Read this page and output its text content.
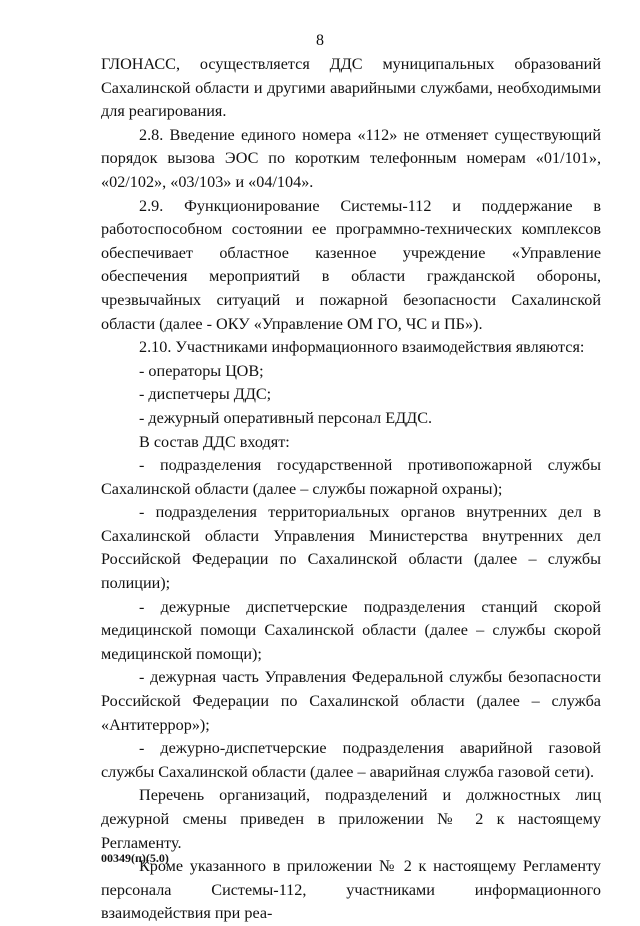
8

ГЛОНАСС, осуществляется ДДС муниципальных образований Сахалинской области и другими аварийными службами, необходимыми для реагирования.

2.8. Введение единого номера «112» не отменяет существующий порядок вызова ЭОС по коротким телефонным номерам «01/101», «02/102», «03/103» и «04/104».

2.9. Функционирование Системы-112 и поддержание в работоспособном состоянии ее программно-технических комплексов обеспечивает областное казенное учреждение «Управление обеспечения мероприятий в области гражданской обороны, чрезвычайных ситуаций и пожарной безопасности Сахалинской области (далее - ОКУ «Управление ОМ ГО, ЧС и ПБ»).

2.10. Участниками информационного взаимодействия являются:

- операторы ЦОВ;

- диспетчеры ДДС;

- дежурный оперативный персонал ЕДДС.

В состав ДДС входят:

- подразделения государственной противопожарной службы Сахалинской области (далее – службы пожарной охраны);

- подразделения территориальных органов внутренних дел в Сахалинской области Управления Министерства внутренних дел Российской Федерации по Сахалинской области (далее – службы полиции);

- дежурные диспетчерские подразделения станций скорой медицинской помощи Сахалинской области (далее – службы скорой медицинской помощи);

- дежурная часть Управления Федеральной службы безопасности Российской Федерации по Сахалинской области (далее – служба «Антитеррор»);

- дежурно-диспетчерские подразделения аварийной газовой службы Сахалинской области (далее – аварийная служба газовой сети).

Перечень организаций, подразделений и должностных лиц дежурной смены приведен в приложении № 2 к настоящему Регламенту.

Кроме указанного в приложении № 2 к настоящему Регламенту персонала Системы-112, участниками информационного взаимодействия при реа-

00349(п)(5.0)
